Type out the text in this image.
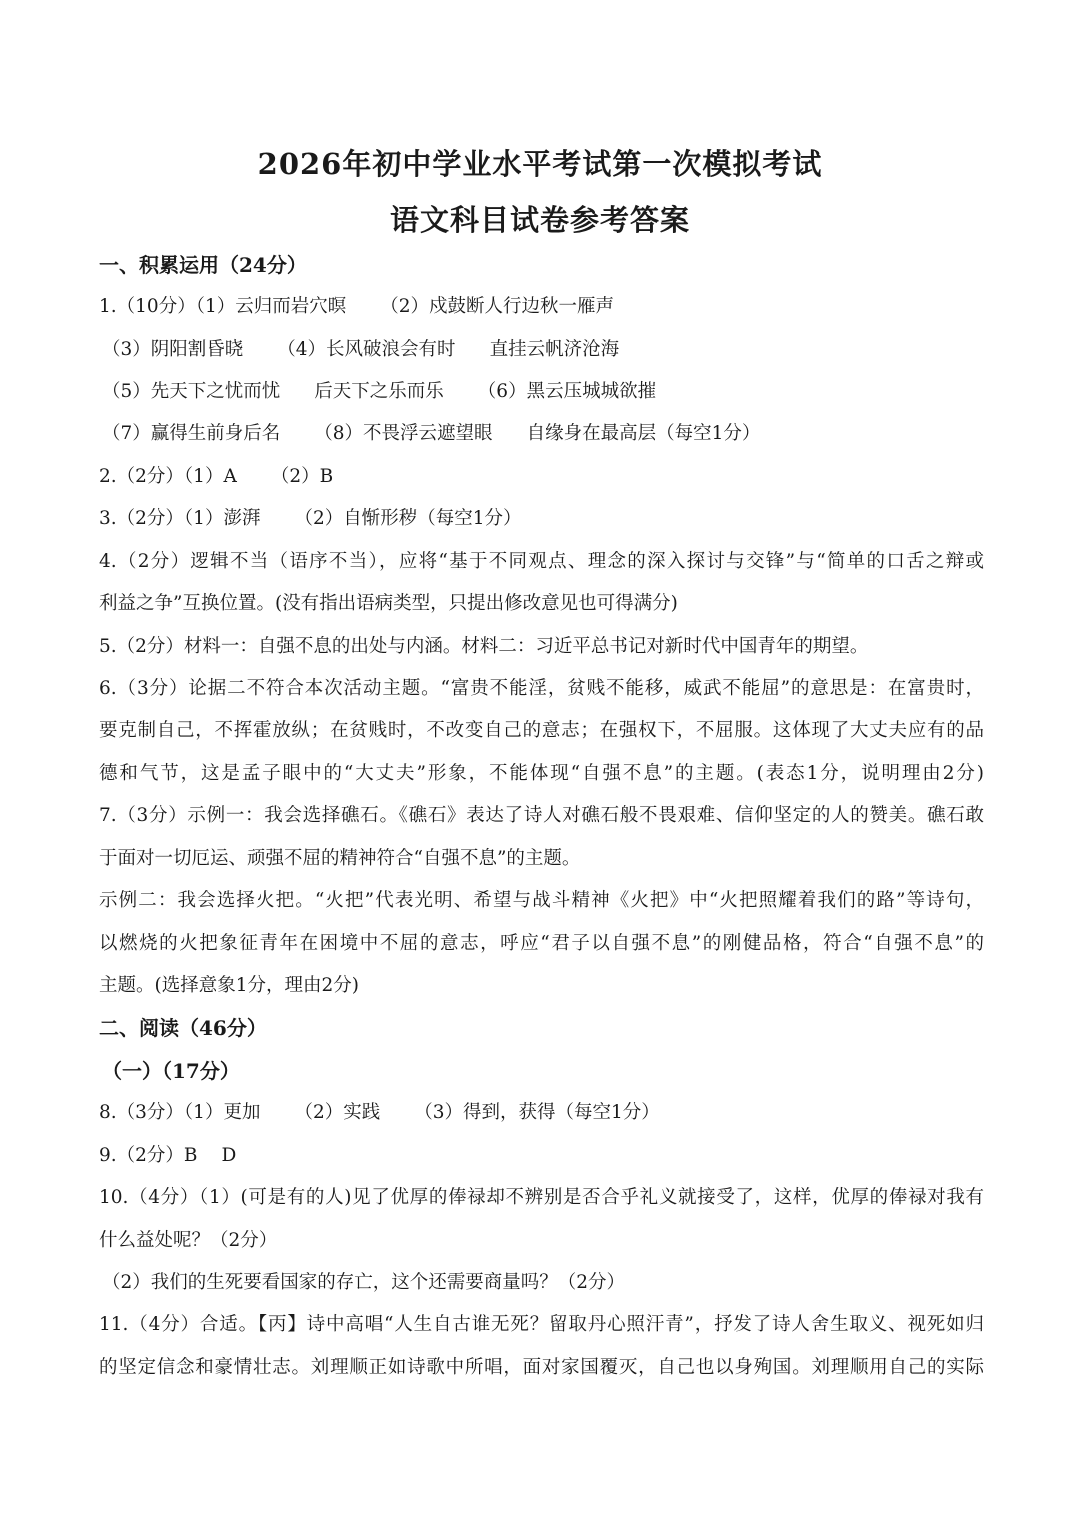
2026年初中学业水平考试第一次模拟考试
语文科目试卷参考答案
一、积累运用（24分）
1.（10分）（1）云归而岩穴暝 （2）戍鼓断人行边秋一雁声
（3）阴阳割昏晓 （4）长风破浪会有时 直挂云帆济沧海
（5）先天下之忧而忧 后天下之乐而乐 （6）黑云压城城欲摧
（7）赢得生前身后名 （8）不畏浮云遮望眼 自缘身在最高层（每空1分）
2.（2分）（1）A （2）B
3.（2分）（1）澎湃 （2）自惭形秽（每空1分）
4.（2分）逻辑不当（语序不当），应将“基于不同观点、理念的深入探讨与交锋”与“简单的口舌之辩或
利益之争”互换位置。(没有指出语病类型，只提出修改意见也可得满分)
5.（2分）材料一：自强不息的出处与内涵。材料二：习近平总书记对新时代中国青年的期望。
6.（3分）论据二不符合本次活动主题。“富贵不能淫，贫贱不能移，威武不能屈”的意思是：在富贵时，
要克制自己，不挥霍放纵；在贫贱时，不改变自己的意志；在强权下，不屈服。这体现了大丈夫应有的品
德和气节，这是孟子眼中的“大丈夫”形象，不能体现“自强不息”的主题。(表态1分，说明理由2分)
7.（3分）示例一：我会选择礁石。《礁石》表达了诗人对礁石般不畏艰难、信仰坚定的人的赞美。礁石敢
于面对一切厄运、顽强不屈的精神符合“自强不息”的主题。
示例二：我会选择火把。“火把”代表光明、希望与战斗精神《火把》中“火把照耀着我们的路”等诗句，
以燃烧的火把象征青年在困境中不屈的意志，呼应“君子以自强不息”的刚健品格，符合“自强不息”的
主题。(选择意象1分，理由2分)
二、阅读（46分）
（一）（17分）
8.（3分）（1）更加 （2）实践 （3）得到，获得（每空1分）
9.（2分）B D
10.（4分）（1）(可是有的人)见了优厚的俸禄却不辨别是否合乎礼义就接受了，这样，优厚的俸禄对我有
什么益处呢？（2分）
（2）我们的生死要看国家的存亡，这个还需要商量吗？（2分）
11.（4分）合适。【丙】诗中高唱“人生自古谁无死？留取丹心照汗青”，抒发了诗人舍生取义、视死如归
的坚定信念和豪情壮志。刘理顺正如诗歌中所唱，面对家国覆灭，自己也以身殉国。刘理顺用自己的实际
